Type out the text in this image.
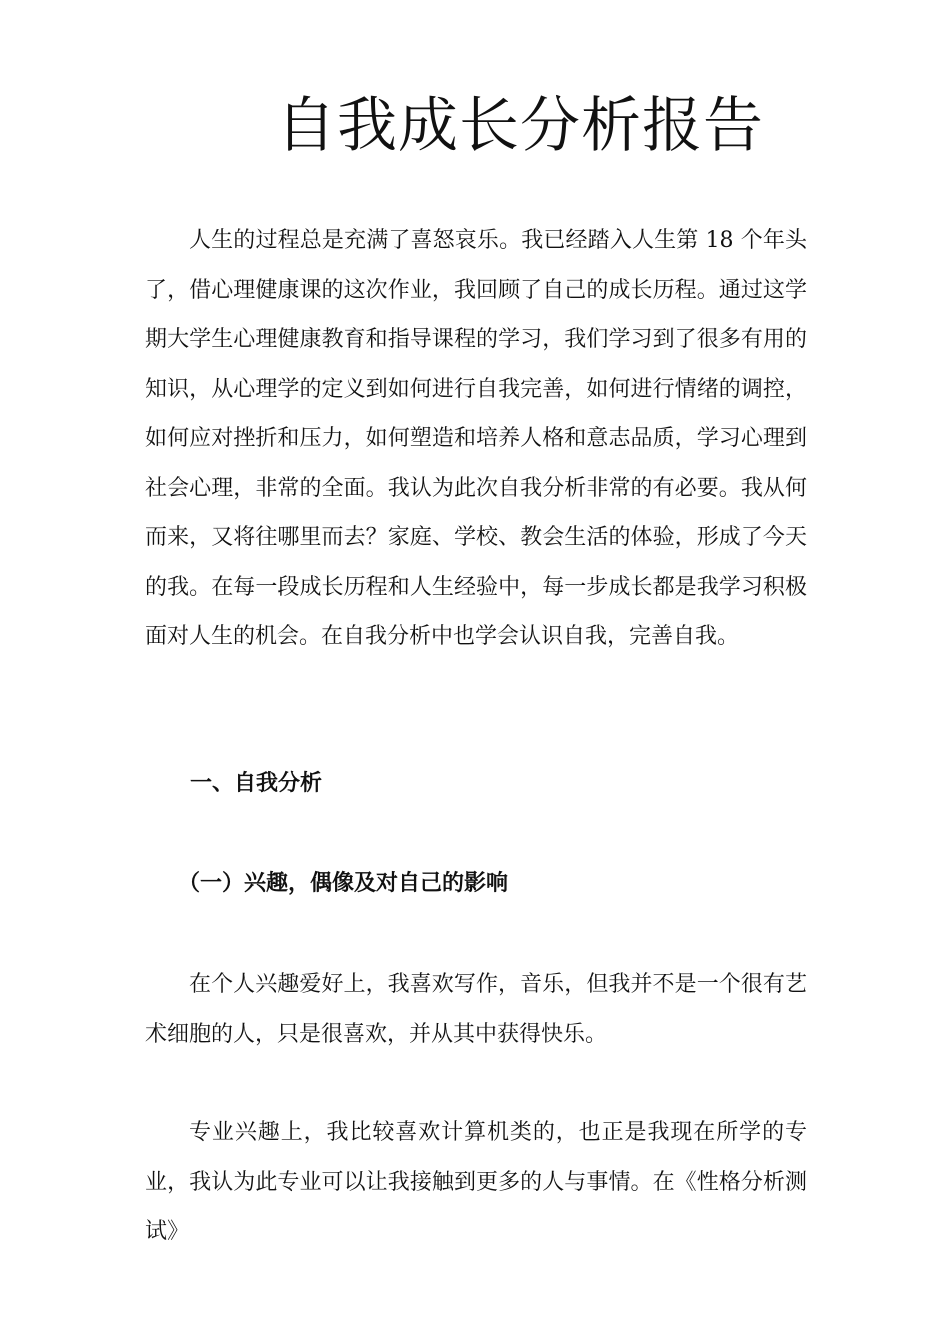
自我成长分析报告

人生的过程总是充满了喜怒哀乐。我已经踏入人生第 18 个年头了，借心理健康课的这次作业，我回顾了自己的成长历程。通过这学期大学生心理健康教育和指导课程的学习，我们学习到了很多有用的知识，从心理学的定义到如何进行自我完善，如何进行情绪的调控，如何应对挫折和压力，如何塑造和培养人格和意志品质，学习心理到社会心理，非常的全面。我认为此次自我分析非常的有必要。我从何而来，又将往哪里而去？家庭、学校、教会生活的体验，形成了今天的我。在每一段成长历程和人生经验中，每一步成长都是我学习积极面对人生的机会。在自我分析中也学会认识自我，完善自我。

一、自我分析
（一）兴趣，偶像及对自己的影响

在个人兴趣爱好上，我喜欢写作，音乐，但我并不是一个很有艺术细胞的人，只是很喜欢，并从其中获得快乐。

专业兴趣上，我比较喜欢计算机类的，也正是我现在所学的专业，我认为此专业可以让我接触到更多的人与事情。在《性格分析测试》
